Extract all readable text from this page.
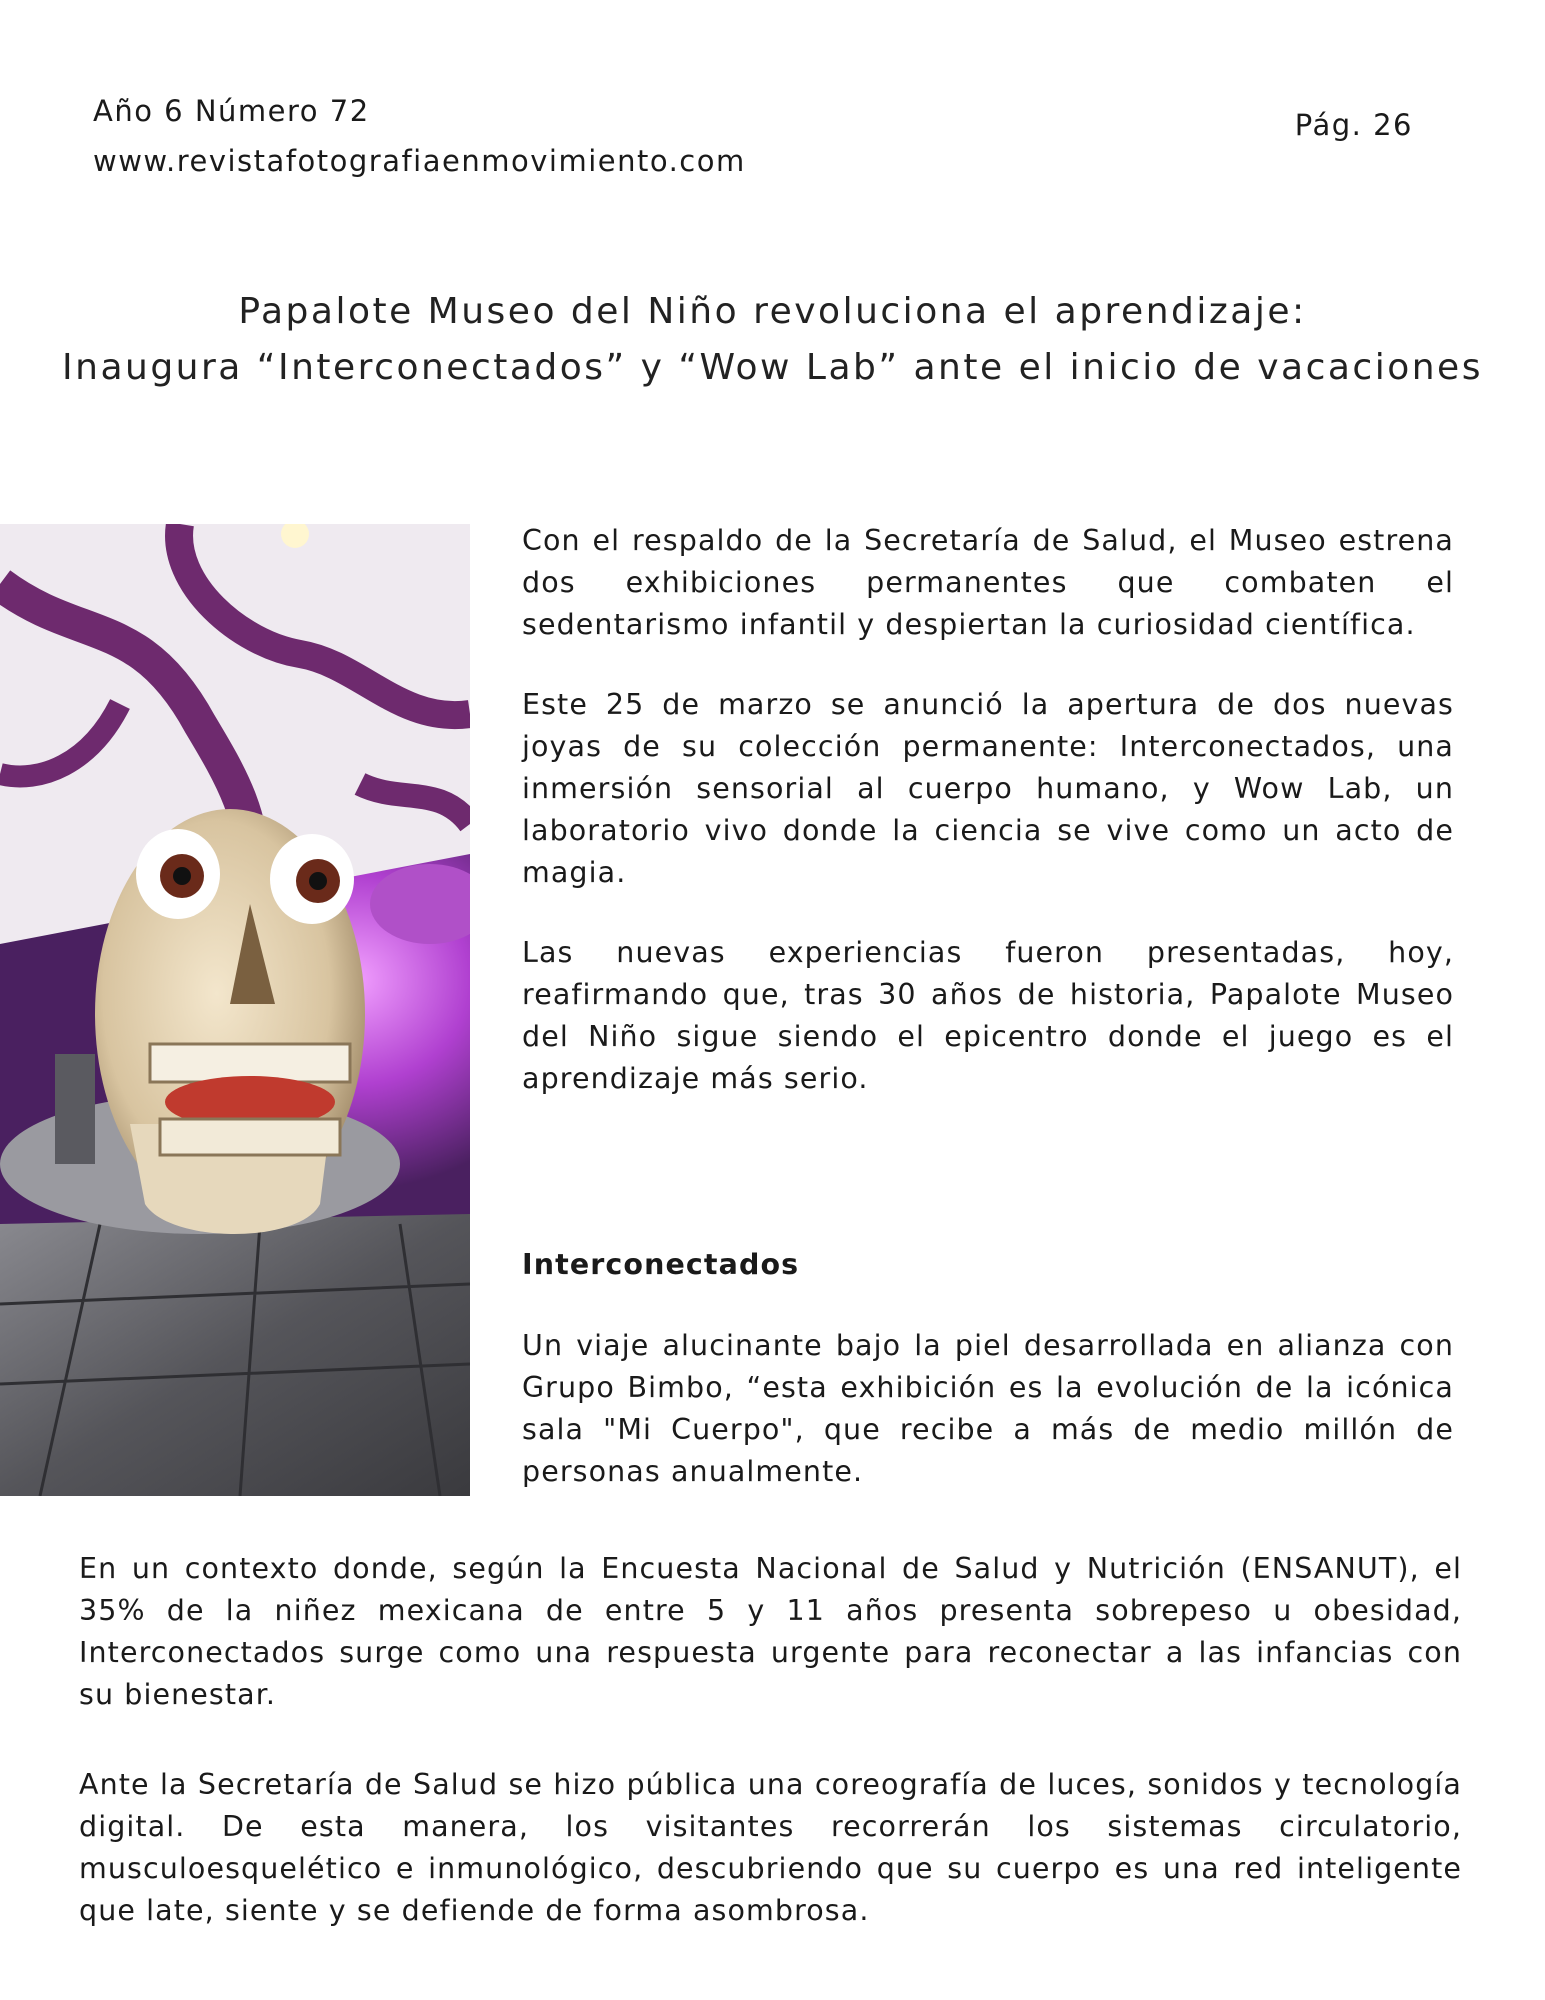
Año 6 Número 72
www.revistafotografiaenmovimiento.com
Pág. 26
Papalote Museo del Niño revoluciona el aprendizaje:
Inaugura “Interconectados” y “Wow Lab” ante el inicio de vacaciones

Con el respaldo de la Secretaría de Salud, el Museo estrena dos exhibiciones permanentes que combaten el sedentarismo infantil y despiertan la curiosidad científica.

Este 25 de marzo se anunció la apertura de dos nuevas joyas de su colección permanente: Interconectados, una inmersión sensorial al cuerpo humano, y Wow Lab, un laboratorio vivo donde la ciencia se vive como un acto de magia.

Las nuevas experiencias fueron presentadas, hoy, reafirmando que, tras 30 años de historia, Papalote Museo del Niño sigue siendo el epicentro donde el juego es el aprendizaje más serio.

Interconectados

Un viaje alucinante bajo la piel desarrollada en alianza con Grupo Bimbo, “esta exhibición es la evolución de la icónica sala "Mi Cuerpo", que recibe a más de medio millón de personas anualmente.

En un contexto donde, según la Encuesta Nacional de Salud y Nutrición (ENSANUT), el 35% de la niñez mexicana de entre 5 y 11 años presenta sobrepeso u obesidad, Interconectados surge como una respuesta urgente para reconectar a las infancias con su bienestar.

Ante la Secretaría de Salud se hizo pública una coreografía de luces, sonidos y tecnología digital. De esta manera, los visitantes recorrerán los sistemas circulatorio, musculoesquelético e inmunológico, descubriendo que su cuerpo es una red inteligente que late, siente y se defiende de forma asombrosa.
